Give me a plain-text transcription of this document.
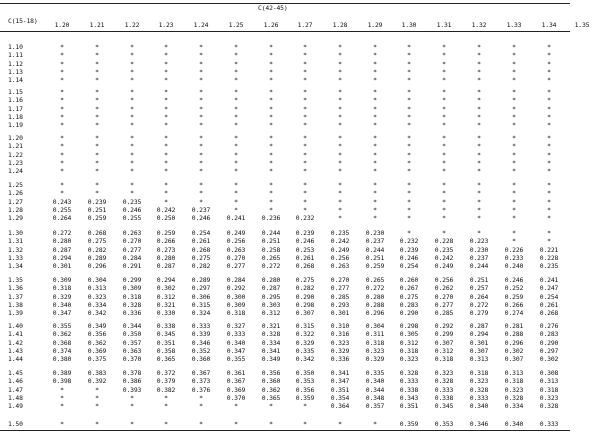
C(42-45)
C(15-18)	1.20	1.21	1.22	1.23	1.24	1.25	1.26	1.27	1.28	1.29	1.30	1.31	1.32	1.33	1.34	1.35
1.10	*	*	*	*	*	*	*	*	*	*	*	*	*	*	*
1.11	*	*	*	*	*	*	*	*	*	*	*	*	*	*	*
1.12	*	*	*	*	*	*	*	*	*	*	*	*	*	*	*
1.13	*	*	*	*	*	*	*	*	*	*	*	*	*	*	*
1.14	*	*	*	*	*	*	*	*	*	*	*	*	*	*	*
1.15	*	*	*	*	*	*	*	*	*	*	*	*	*	*	*
1.16	*	*	*	*	*	*	*	*	*	*	*	*	*	*	*
1.17	*	*	*	*	*	*	*	*	*	*	*	*	*	*	*
1.18	*	*	*	*	*	*	*	*	*	*	*	*	*	*	*
1.19	*	*	*	*	*	*	*	*	*	*	*	*	*	*	*
1.20	*	*	*	*	*	*	*	*	*	*	*	*	*	*	*
1.21	*	*	*	*	*	*	*	*	*	*	*	*	*	*	*
1.22	*	*	*	*	*	*	*	*	*	*	*	*	*	*	*
1.23	*	*	*	*	*	*	*	*	*	*	*	*	*	*	*
1.24	*	*	*	*	*	*	*	*	*	*	*	*	*	*	*
1.25	*	*	*	*	*	*	*	*	*	*	*	*	*	*	*
1.26	*	*	*	*	*	*	*	*	*	*	*	*	*	*	*
1.27	0.243	0.239	0.235	*	*	*	*	*	*	*	*	*	*	*	*
1.28	0.255	0.251	0.246	0.242	0.237	*	*	*	*	*	*	*	*	*	*
1.29	0.264	0.259	0.255	0.250	0.246	0.241	0.236	0.232	*	*	*	*	*	*	*
1.30	0.272	0.268	0.263	0.259	0.254	0.249	0.244	0.239	0.235	0.230	*	*	*	*	*
1.31	0.280	0.275	0.270	0.266	0.261	0.256	0.251	0.246	0.242	0.237	0.232	0.228	0.223	*	*
1.32	0.287	0.282	0.277	0.273	0.268	0.263	0.258	0.253	0.249	0.244	0.239	0.235	0.230	0.226	0.221
1.33	0.294	0.289	0.284	0.280	0.275	0.270	0.265	0.261	0.256	0.251	0.246	0.242	0.237	0.233	0.228
1.34	0.301	0.296	0.291	0.287	0.282	0.277	0.272	0.268	0.263	0.259	0.254	0.249	0.244	0.240	0.235
1.35	0.309	0.304	0.299	0.294	0.289	0.284	0.280	0.275	0.270	0.265	0.260	0.256	0.251	0.246	0.241
1.36	0.318	0.313	0.309	0.302	0.297	0.292	0.287	0.282	0.277	0.272	0.267	0.262	0.257	0.252	0.247
1.37	0.329	0.323	0.318	0.312	0.306	0.300	0.295	0.290	0.285	0.280	0.275	0.270	0.264	0.259	0.254
1.38	0.340	0.334	0.328	0.321	0.315	0.309	0.303	0.298	0.293	0.288	0.283	0.277	0.272	0.266	0.261
1.39	0.347	0.342	0.336	0.330	0.324	0.318	0.312	0.307	0.301	0.296	0.290	0.285	0.279	0.274	0.268
1.40	0.355	0.349	0.344	0.338	0.333	0.327	0.321	0.315	0.310	0.304	0.298	0.292	0.287	0.281	0.276
1.41	0.362	0.356	0.350	0.345	0.339	0.333	0.328	0.322	0.316	0.311	0.305	0.299	0.294	0.288	0.283
1.42	0.368	0.362	0.357	0.351	0.346	0.340	0.334	0.329	0.323	0.318	0.312	0.307	0.301	0.296	0.290
1.43	0.374	0.369	0.363	0.358	0.352	0.347	0.341	0.335	0.329	0.323	0.318	0.312	0.307	0.302	0.297
1.44	0.380	0.375	0.370	0.365	0.360	0.355	0.349	0.342	0.336	0.329	0.323	0.318	0.313	0.307	0.302
1.45	0.389	0.383	0.378	0.372	0.367	0.361	0.356	0.350	0.341	0.335	0.328	0.323	0.318	0.313	0.308
1.46	0.398	0.392	0.386	0.379	0.373	0.367	0.360	0.353	0.347	0.340	0.333	0.328	0.323	0.318	0.313
1.47	*	*	0.393	0.382	0.376	0.369	0.362	0.356	0.351	0.344	0.338	0.333	0.328	0.323	0.318
1.48	*	*	*	*	*	0.370	0.365	0.359	0.354	0.348	0.343	0.338	0.333	0.328	0.323
1.49	*	*	*	*	*	*	*	*	0.364	0.357	0.351	0.345	0.340	0.334	0.328
1.50	*	*	*	*	*	*	*	*	*	*	0.359	0.353	0.346	0.340	0.333
